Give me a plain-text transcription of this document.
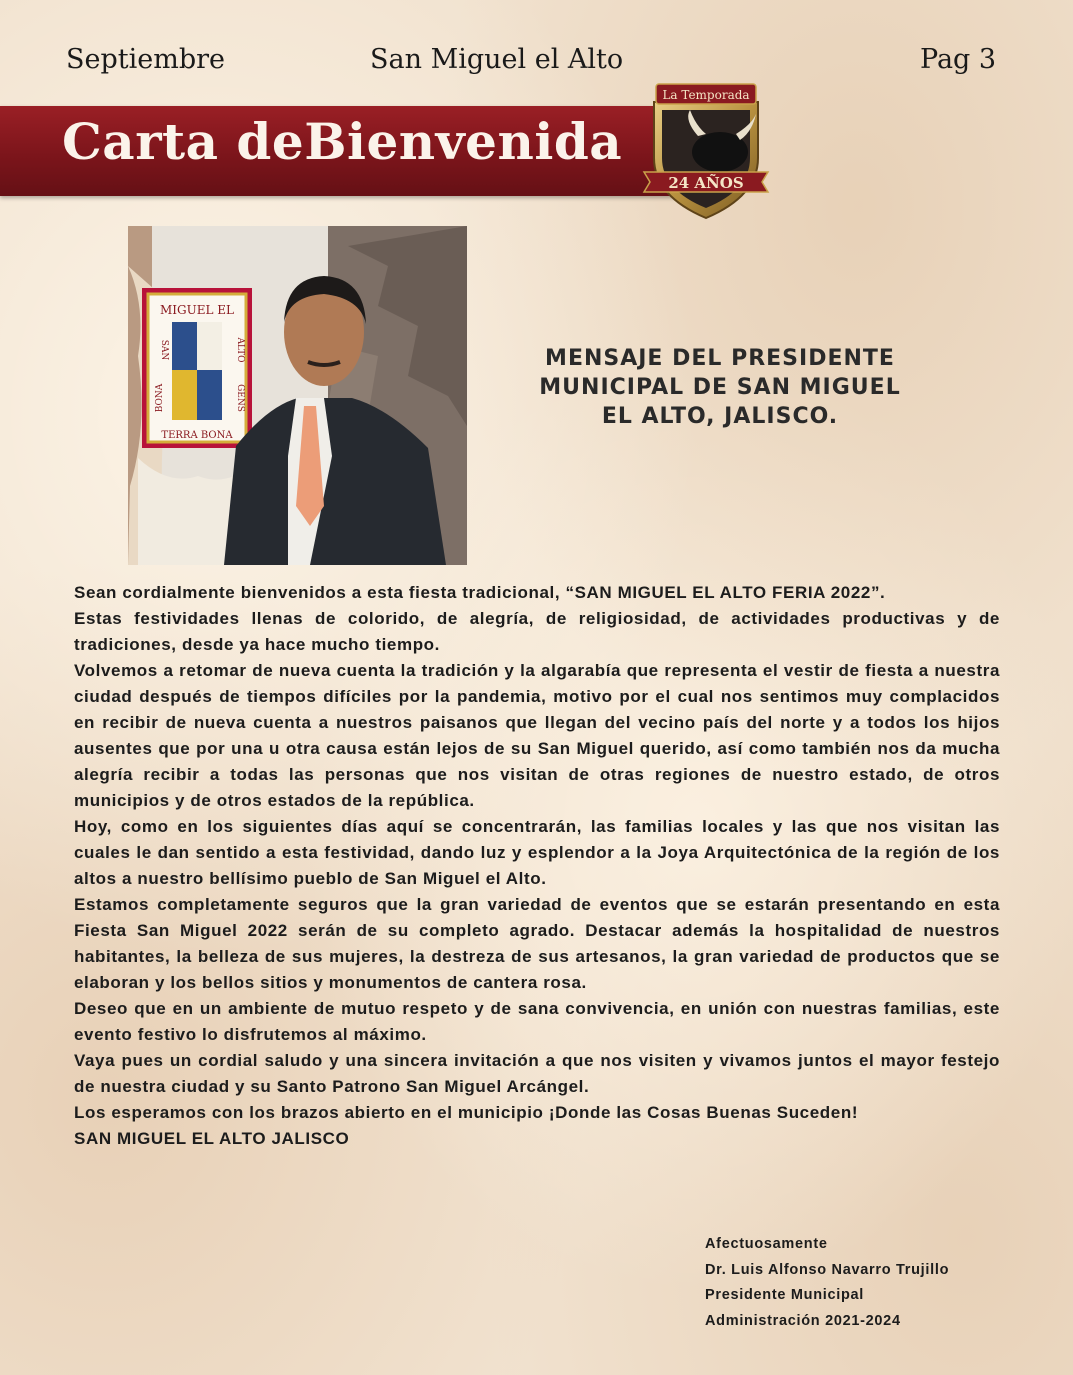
Septiembre	San Miguel el Alto	Pag 3
Carta deBienvenida
La Temporada
24 AÑOS
MIGUEL EL
SAN	ALTO
BONA	GENS
TERRA BONA
MENSAJE DEL PRESIDENTE MUNICIPAL DE SAN MIGUEL EL ALTO, JALISCO.

Sean cordialmente bienvenidos a esta fiesta tradicional, “SAN MIGUEL EL ALTO FERIA 2022”.

Estas festividades llenas de colorido, de alegría, de religiosidad, de actividades productivas y de tradiciones, desde ya hace mucho tiempo.

Volvemos a retomar de nueva cuenta la tradición y la algarabía que representa el vestir de fiesta a nuestra ciudad después de tiempos difíciles por la pandemia, motivo por el cual nos sentimos muy complacidos en recibir de nueva cuenta a nuestros paisanos que llegan del vecino país del norte y a todos los hijos ausentes que por una u otra causa están lejos de su San Miguel querido, así como también nos da mucha alegría recibir a todas las personas que nos visitan de otras regiones de nuestro estado, de otros municipios y de otros estados de la república.

Hoy, como en los siguientes días aquí se concentrarán, las familias locales y las que nos visitan las cuales le dan sentido a esta festividad, dando luz y esplendor a la Joya Arquitectónica de la región de los altos a nuestro bellísimo pueblo de San Miguel el Alto.

Estamos completamente seguros que la gran variedad de eventos que se estarán presentando en esta Fiesta San Miguel 2022 serán de su completo agrado. Destacar además la hospitalidad de nuestros habitantes, la belleza de sus mujeres, la destreza de sus artesanos, la gran variedad de productos que se elaboran y los bellos sitios y monumentos de cantera rosa.

Deseo que en un ambiente de mutuo respeto y de sana convivencia, en unión con nuestras familias, este evento festivo lo disfrutemos al máximo.

Vaya pues un cordial saludo y una sincera invitación a que nos visiten y vivamos juntos el mayor festejo de nuestra ciudad y su Santo Patrono San Miguel Arcángel.

Los esperamos con los brazos abierto en el municipio ¡Donde las Cosas Buenas Suceden!

SAN MIGUEL EL ALTO JALISCO

Afectuosamente
Dr. Luis Alfonso Navarro Trujillo
Presidente Municipal
Administración 2021-2024
